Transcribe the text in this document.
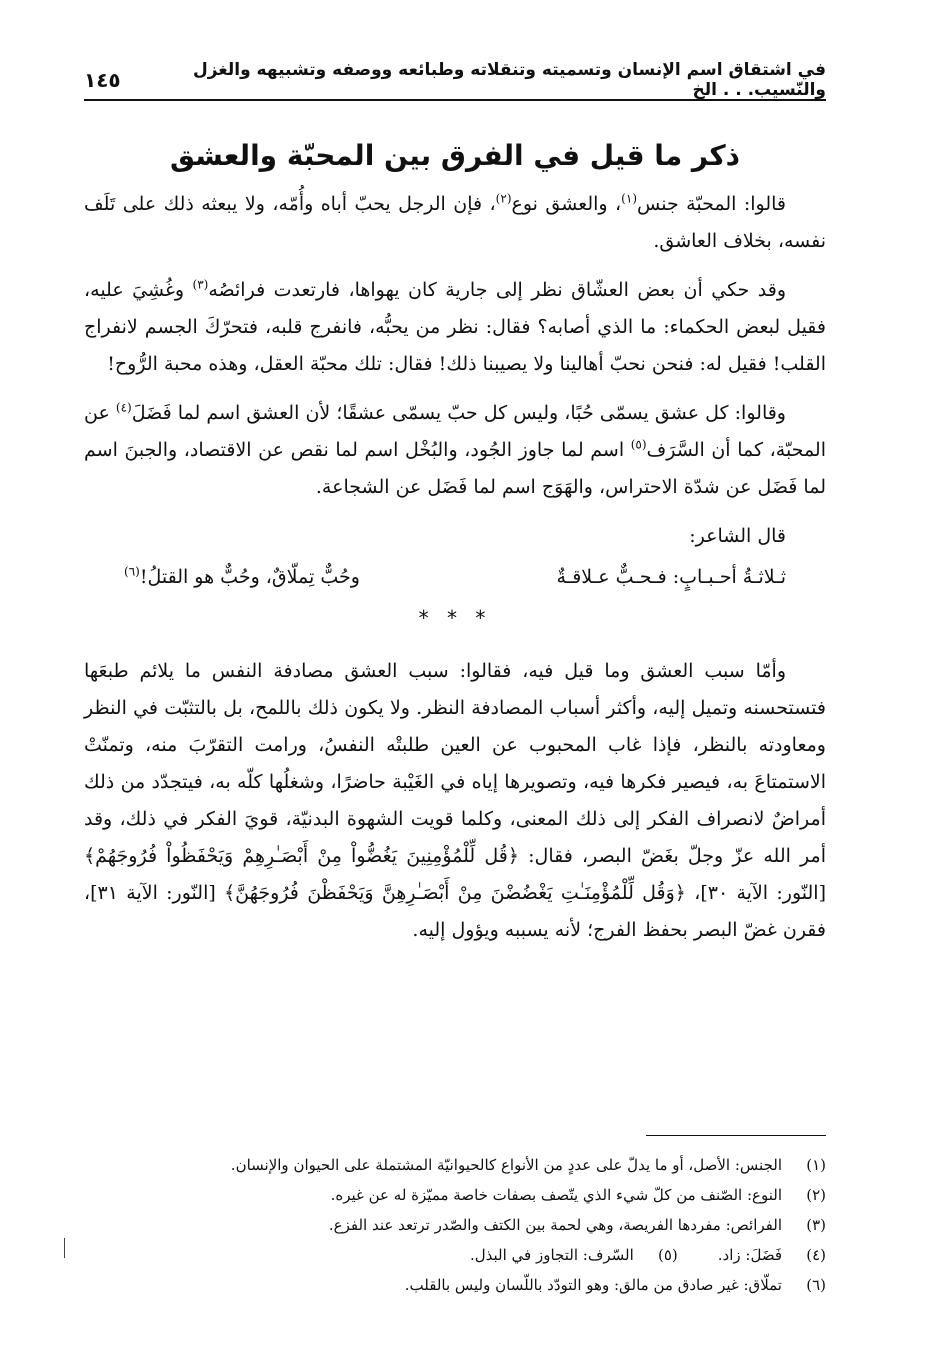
في اشتقاق اسم الإنسان وتسميته وتنقلاته وطبائعه ووصفه وتشبيهه والغزل والنّسيب. . . الخ
١٤٥
ذكر ما قيل في الفرق بين المحبّة والعشق

قالوا: المحبّة جنس$^{(١)}$، والعشق نوع$^{(٢)}$، فإن الرجل يحبّ أباه وأُمّه، ولا يبعثه ذلك على تَلَف نفسه، بخلاف العاشق.

وقد حكي أن بعض العشّاق نظر إلى جارية كان يهواها، فارتعدت فرائصُه$^{(٣)}$ وغُشِيَ عليه، فقيل لبعض الحكماء: ما الذي أصابه؟ فقال: نظر من يحبُّه، فانفرج قلبه، فتحرّكَ الجسم لانفراج القلب! فقيل له: فنحن نحبّ أهالينا ولا يصيبنا ذلك! فقال: تلك محبّة العقل، وهذه محبة الرُّوح!

وقالوا: كل عشق يسمّى حُبًا، وليس كل حبّ يسمّى عشقًا؛ لأن العشق اسم لما فَضَلَ$^{(٤)}$ عن المحبّة، كما أن السَّرَف$^{(٥)}$ اسم لما جاوز الجُود، والبُخْل اسم لما نقص عن الاقتصاد، والجبنَ اسم لما فَضَل عن شدّة الاحتراس، والهَوَج اسم لما فَضَل عن الشجاعة.

قال الشاعر:

ثـلاثـةُ أحـبـابٍ: فـحـبٌّ عـلاقـةٌ
وحُبٌّ تِملّاقٌ، وحُبٌّ هو القتلُ!$^{(٦)}$
* * *

وأمّا سبب العشق وما قيل فيه، فقالوا: سبب العشق مصادفة النفس ما يلائم طبعَها فتستحسنه وتميل إليه، وأكثر أسباب المصادفة النظر. ولا يكون ذلك باللمح، بل بالتثبّت في النظر ومعاودته بالنظر، فإذا غاب المحبوب عن العين طلبتْه النفسُ، ورامت التقرّبَ منه، وتمنّتْ الاستمتاعَ به، فيصير فكرها فيه، وتصويرها إياه في الغَيْبة حاضرًا، وشغلُها كلّه به، فيتجدّد من ذلك أمراضٌ لانصراف الفكر إلى ذلك المعنى، وكلما قويت الشهوة البدنيّة، قويَ الفكر في ذلك، وقد أمر الله عزّ وجلّ بغَضّ البصر، فقال: ﴿قُل لِّلْمُؤْمِنِينَ يَغُضُّواْ مِنْ أَبْصَـٰرِهِمْ وَيَحْفَظُواْ فُرُوجَهُمْ﴾ [النّور: الآية ٣٠]، ﴿وَقُل لِّلْمُؤْمِنَـٰتِ يَغْضُضْنَ مِنْ أَبْصَـٰرِهِنَّ وَيَحْفَظْنَ فُرُوجَهُنَّ﴾ [النّور: الآية ٣١]، فقرن غضّ البصر بحفظ الفرج؛ لأنه يسببه ويؤول إليه.

(١)الجنس: الأصل، أو ما يدلّ على عددٍ من الأنواع كالحيوانيّة المشتملة على الحيوان والإنسان.

(٢)النوع: الصّنف من كلّ شيء الذي يتّصف بصفات خاصة مميّزة له عن غيره.

(٣)الفرائص: مفردها الفريصة، وهي لحمة بين الكتف والصّدر ترتعد عند الفزع.

(٤)فَضَلَ: زاد.(٥)السّرف: التجاوز في البذل.

(٦)تملّاق: غير صادق من مالق: وهو التودّد باللّسان وليس بالقلب.
